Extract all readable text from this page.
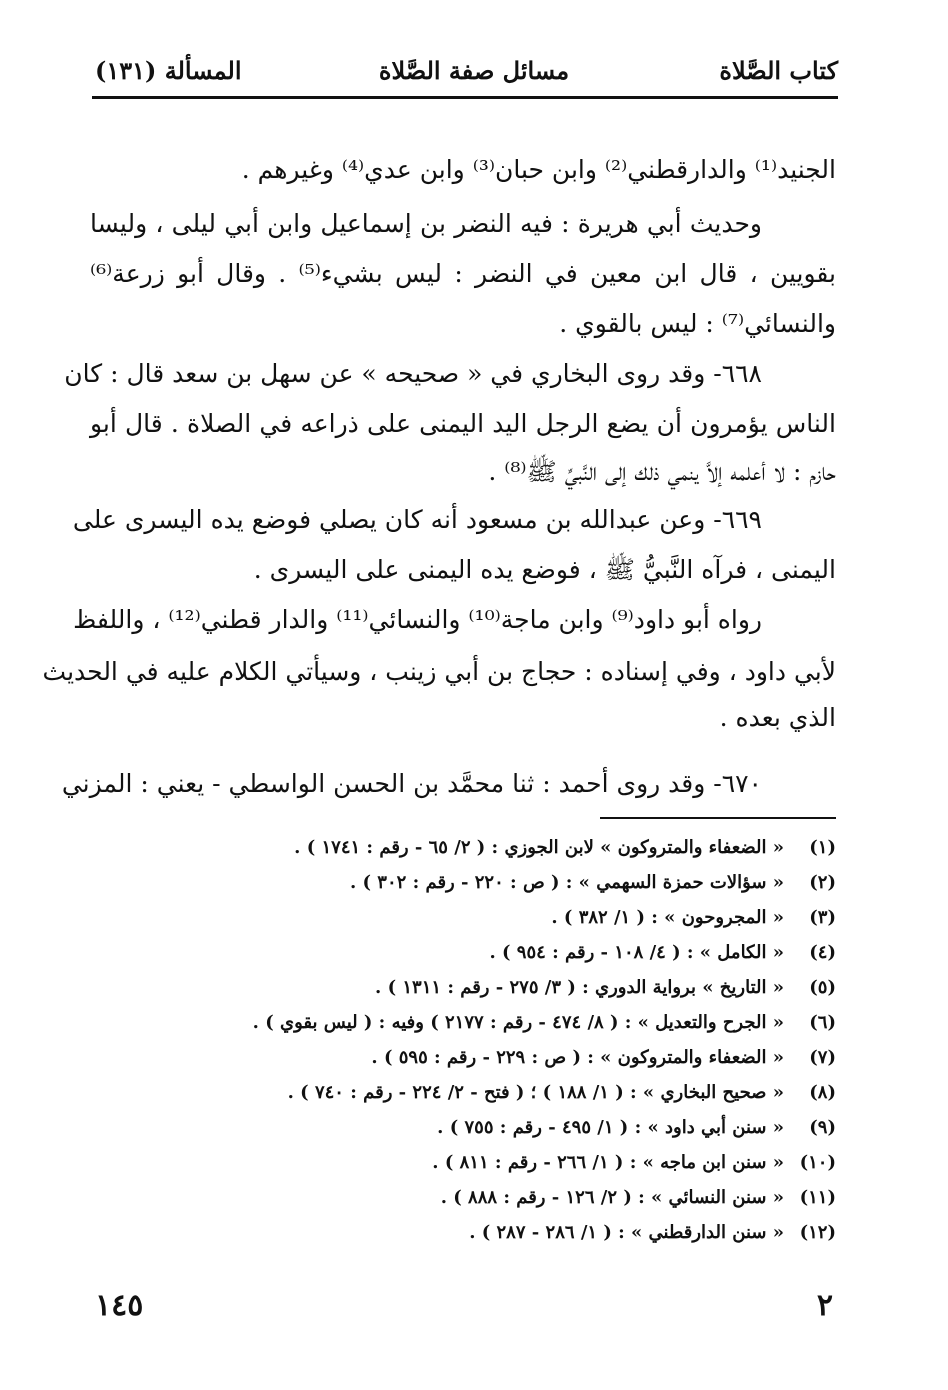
كتاب الصَّلاة
مسائل صفة الصَّلاة
المسألة (١٣١)
الجنيد⁽¹⁾ والدارقطني⁽²⁾ وابن حبان⁽³⁾ وابن عدي⁽⁴⁾ وغيرهم .
وحديث أبي هريرة : فيه النضر بن إسماعيل وابن أبي ليلى ، وليسا
بقويين ، قال ابن معين في النضر : ليس بشيء⁽⁵⁾ . وقال أبو زرعة⁽⁶⁾
والنسائي⁽⁷⁾ : ليس بالقوي .
٦٦٨- وقد روى البخاري في « صحيحه » عن سهل بن سعد قال : كان
الناس يؤمرون أن يضع الرجل اليد اليمنى على ذراعه في الصلاة . قال أبو
حازم : لا أعلمه إلاَّ ينمي ذلك إلى النَّبيِّ ﷺ⁽⁸⁾ .
٦٦٩- وعن عبدالله بن مسعود أنه كان يصلي فوضع يده اليسرى على
اليمنى ، فرآه النَّبيُّ ﷺ ، فوضع يده اليمنى على اليسرى .
رواه أبو داود⁽⁹⁾ وابن ماجة⁽¹⁰⁾ والنسائي⁽¹¹⁾ والدار قطني⁽¹²⁾ ، واللفظ
لأبي داود ، وفي إسناده : حجاج بن أبي زينب ، وسيأتي الكلام عليه في الحديث
الذي بعده .
٦٧٠- وقد روى أحمد : ثنا محمَّد بن الحسن الواسطي - يعني : المزني
(١)« الضعفاء والمتروكون » لابن الجوزي : ( ٢/ ٦٥ - رقم : ١٧٤١ ) .
(٢)« سؤالات حمزة السهمي » : ( ص : ٢٢٠ - رقم : ٣٠٢ ) .
(٣)« المجروحون » : ( ١/ ٣٨٢ ) .
(٤)« الكامل » : ( ٤/ ١٠٨ - رقم : ٩٥٤ ) .
(٥)« التاريخ » برواية الدوري : ( ٣/ ٢٧٥ - رقم : ١٣١١ ) .
(٦)« الجرح والتعديل » : ( ٨/ ٤٧٤ - رقم : ٢١٧٧ ) وفيه : ( ليس بقوي ) .
(٧)« الضعفاء والمتروكون » : ( ص : ٢٢٩ - رقم : ٥٩٥ ) .
(٨)« صحيح البخاري » : ( ١/ ١٨٨ ) ؛ ( فتح - ٢/ ٢٢٤ - رقم : ٧٤٠ ) .
(٩)« سنن أبي داود » : ( ١/ ٤٩٥ - رقم : ٧٥٥ ) .
(١٠)« سنن ابن ماجه » : ( ١/ ٢٦٦ - رقم : ٨١١ ) .
(١١)« سنن النسائي » : ( ٢/ ١٢٦ - رقم : ٨٨٨ ) .
(١٢)« سنن الدارقطني » : ( ١/ ٢٨٦ - ٢٨٧ ) .
١٤٥	٢
